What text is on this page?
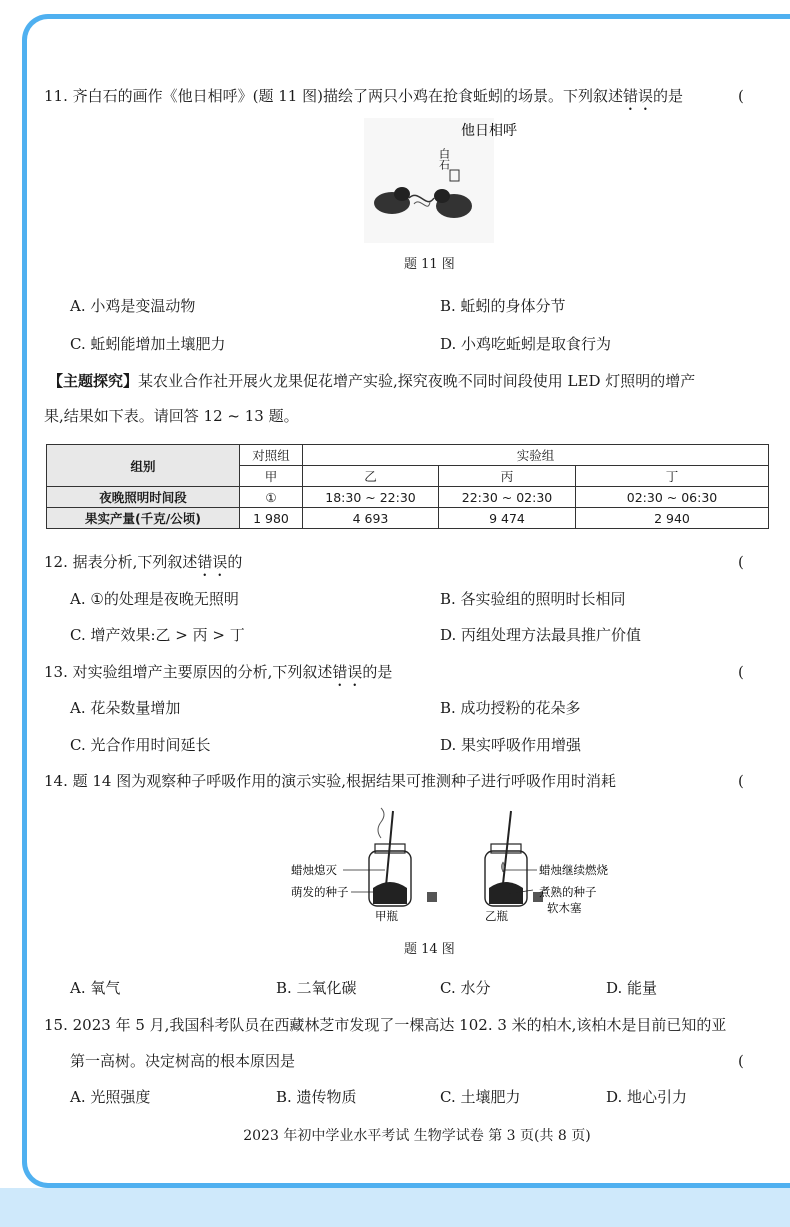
11. 齐白石的画作《他日相呼》(题 11 图)描绘了两只小鸡在抢食蚯蚓的场景。下列叙述错误的是	(
他日相呼
白石
题 11 图
A. 小鸡是变温动物	B. 蚯蚓的身体分节
C. 蚯蚓能增加土壤肥力	D. 小鸡吃蚯蚓是取食行为
【主题探究】某农业合作社开展火龙果促花增产实验,探究夜晚不同时间段使用 LED 灯照明的增产
果,结果如下表。请回答 12 ~ 13 题。
组别	对照组	实验组		
	甲	乙	丙	丁
夜晚照明时间段	①	18:30 ~ 22:30	22:30 ~ 02:30	02:30 ~ 06:30
果实产量(千克/公顷)	1 980	4 693	9 474	2 940
12. 据表分析,下列叙述错误的	(
A. ①的处理是夜晚无照明	B. 各实验组的照明时长相同
C. 增产效果:乙 > 丙 > 丁	D. 丙组处理方法最具推广价值
13. 对实验组增产主要原因的分析,下列叙述错误的是	(
A. 花朵数量增加	B. 成功授粉的花朵多
C. 光合作用时间延长	D. 果实呼吸作用增强
14. 题 14 图为观察种子呼吸作用的演示实验,根据结果可推测种子进行呼吸作用时消耗	(
蜡烛熄灭
萌发的种子
甲瓶	乙瓶
蜡烛继续燃烧
煮熟的种子
软木塞
题 14 图
A. 氧气	B. 二氧化碳	C. 水分	D. 能量
15. 2023 年 5 月,我国科考队员在西藏林芝市发现了一棵高达 102. 3 米的柏木,该柏木是目前已知的亚
第一高树。决定树高的根本原因是	(
A. 光照强度	B. 遗传物质	C. 土壤肥力	D. 地心引力
2023 年初中学业水平考试 生物学试卷 第 3 页(共 8 页)
